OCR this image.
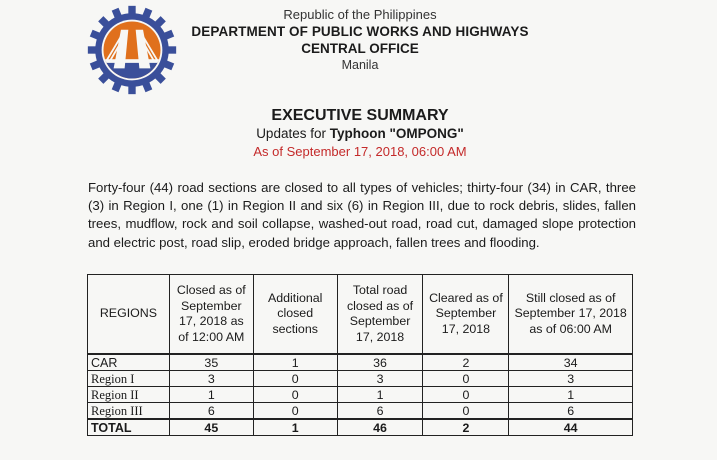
Republic of the Philippines
DEPARTMENT OF PUBLIC WORKS AND HIGHWAYS
CENTRAL OFFICE
Manila
EXECUTIVE SUMMARY
Updates for Typhoon "OMPONG"
As of September 17, 2018, 06:00 AM
Forty-four (44) road sections are closed to all types of vehicles; thirty-four (34) in CAR, three (3) in Region I, one (1) in Region II and six (6) in Region III, due to rock debris, slides, fallen trees, mudflow, rock and soil collapse, washed-out road, road cut, damaged slope protection and electric post, road slip, eroded bridge approach, fallen trees and flooding.
REGIONS	Closed as of September 17, 2018 as of 12:00 AM	Additional closed sections	Total road closed as of September 17, 2018	Cleared as of September 17, 2018	Still closed as of September 17, 2018 as of 06:00 AM
CAR	35	1	36	2	34
Region I	3	0	3	0	3
Region II	1	0	1	0	1
Region III	6	0	6	0	6
TOTAL	45	1	46	2	44
